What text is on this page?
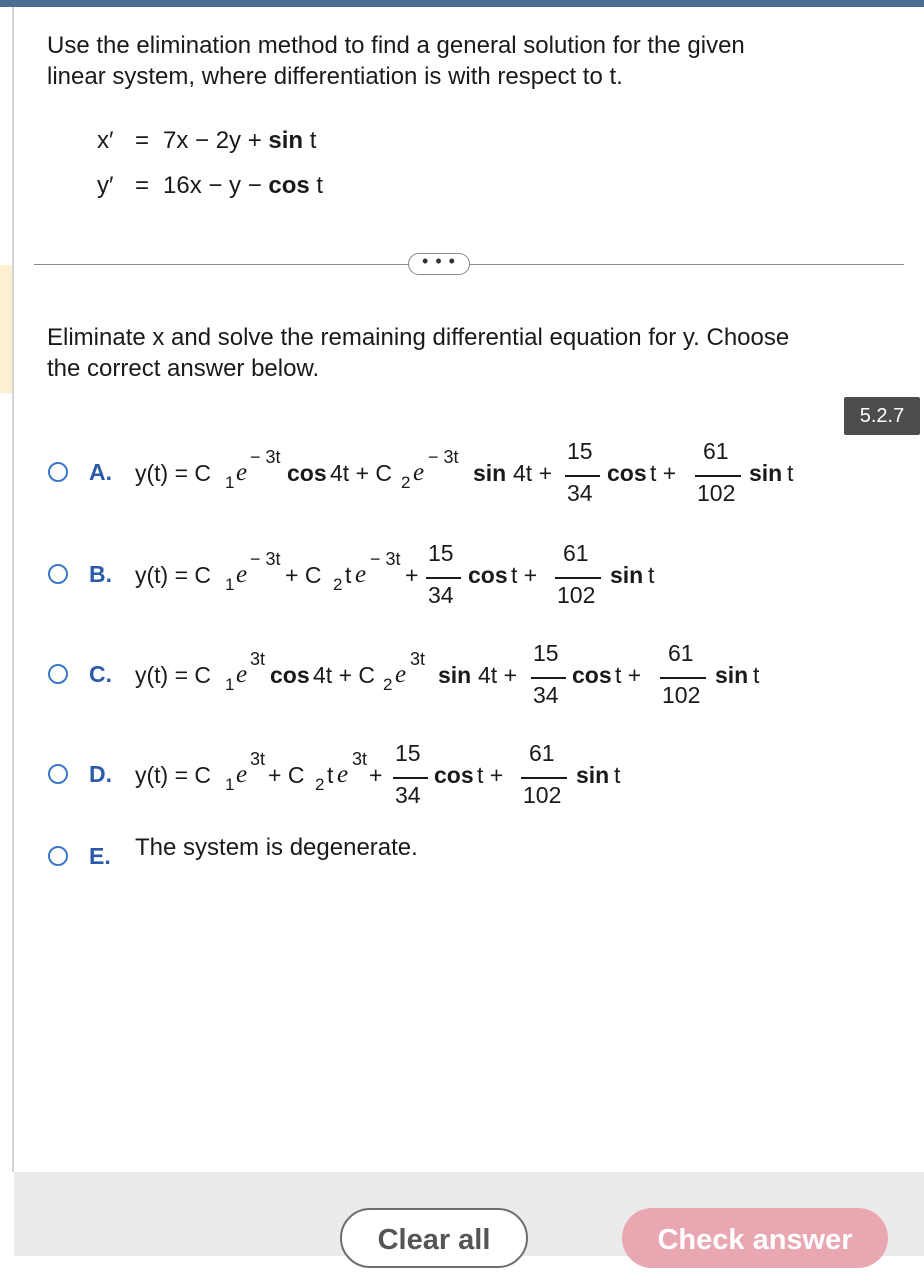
Use the elimination method to find a general solution for the given
linear system, where differentiation is with respect to t.
x′ = 7x − 2y + sin t
y′ = 16x − y − cos t
• • •
Eliminate x and solve the remaining differential equation for y. Choose
the correct answer below.
5.2.7
A. y(t) = C 1 e
− 3t
cos 4t + C 2 e
− 3t
sin 4t +
15
34
cos t +
61
102
sin t
B. y(t) = C 1 e
− 3t
+ C 2 t e
− 3t
+
15
34
cos t +
61
102
sin t
C. y(t) = C 1 e
3t
cos 4t + C 2 e
3t
sin 4t +
15
34
cos t +
61
102
sin t
D. y(t) = C 1 e
3t
+ C 2 t e
3t
+
15
34
cos t +
61
102
sin t
E. The system is degenerate.
Clear all	Check answer
